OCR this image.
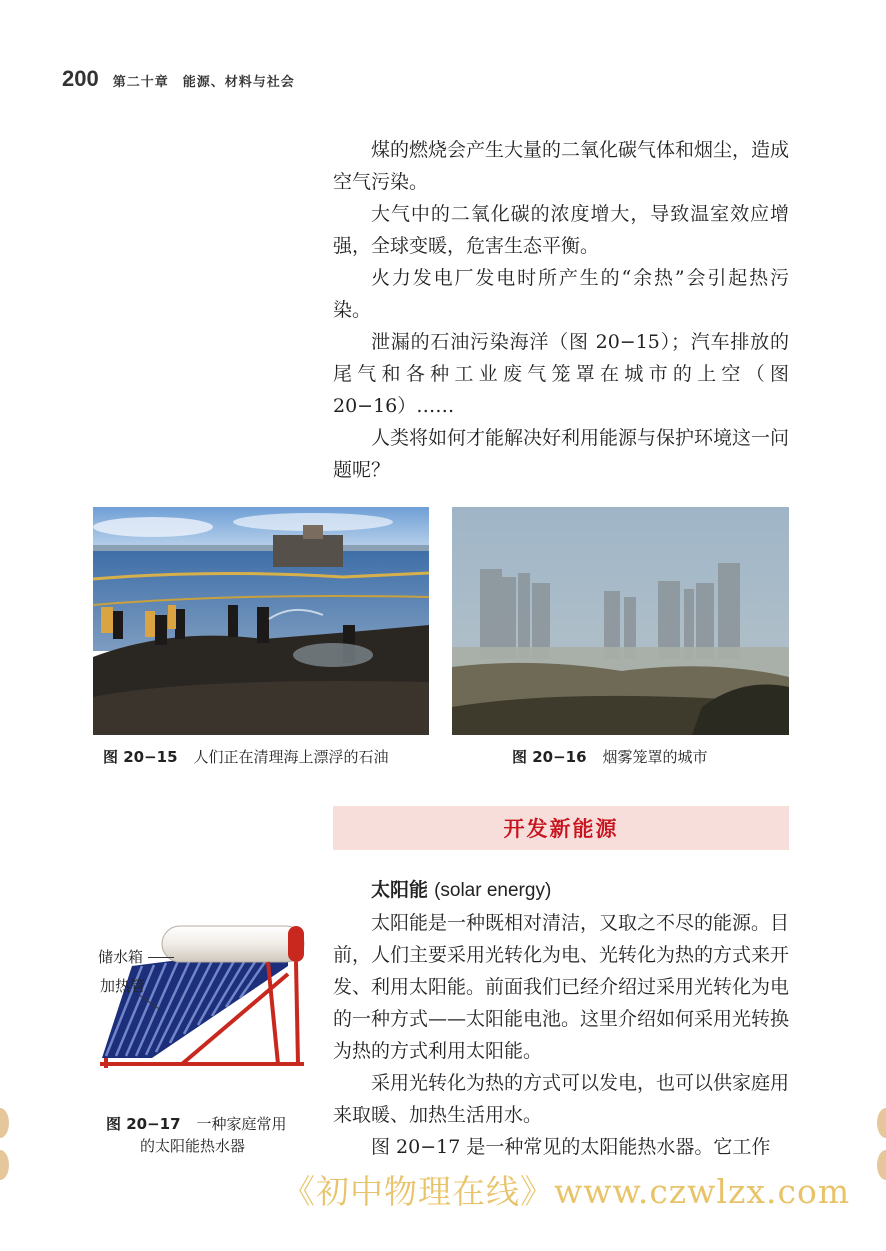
200 第二十章　能源、材料与社会

煤的燃烧会产生大量的二氧化碳气体和烟尘，造成空气污染。

大气中的二氧化碳的浓度增大，导致温室效应增强，全球变暖，危害生态平衡。

火力发电厂发电时所产生的“余热”会引起热污染。

泄漏的石油污染海洋（图 20−15）；汽车排放的尾气和各种工业废气笼罩在城市的上空（图 20−16）……

人类将如何才能解决好利用能源与保护环境这一问题呢？

图 20−15 人们正在清理海上漂浮的石油	图 20−16 烟雾笼罩的城市
开发新能源
储水箱
加热管
图 20−17 一种家庭常用
的太阳能热水器

太阳能 (solar energy)

太阳能是一种既相对清洁，又取之不尽的能源。目前，人们主要采用光转化为电、光转化为热的方式来开发、利用太阳能。前面我们已经介绍过采用光转化为电的一种方式——太阳能电池。这里介绍如何采用光转换为热的方式利用太阳能。

采用光转化为热的方式可以发电，也可以供家庭用来取暖、加热生活用水。

图 20−17 是一种常见的太阳能热水器。它工作

《初中物理在线》www.czwlzx.com
